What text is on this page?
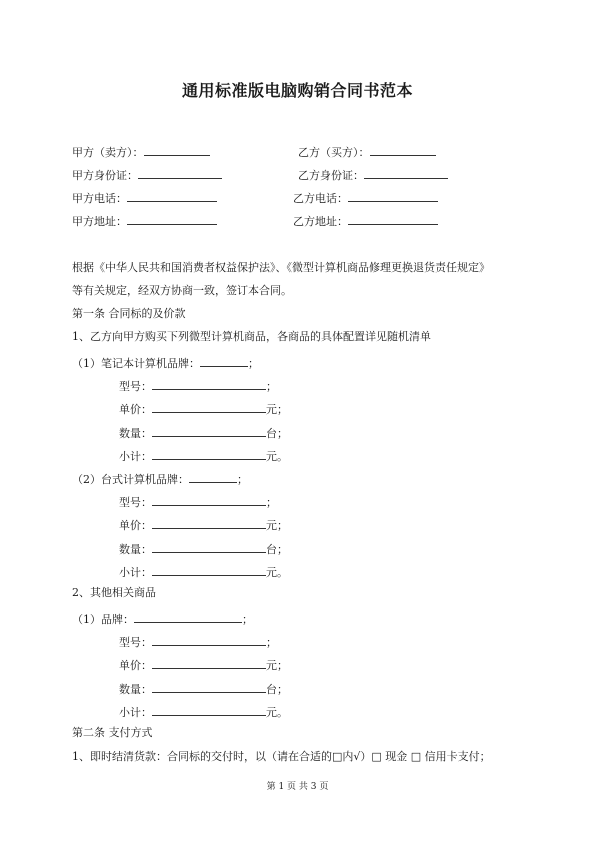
通用标准版电脑购销合同书范本
甲方（卖方）：	乙方（买方）：
甲方身份证：	乙方身份证：
甲方电话：	乙方电话：
甲方地址：	乙方地址：
根据《中华人民共和国消费者权益保护法》、《微型计算机商品修理更换退货责任规定》
等有关规定，经双方协商一致，签订本合同。
第一条 合同标的及价款
1、乙方向甲方购买下列微型计算机商品，各商品的具体配置详见随机清单
（1）笔记本计算机品牌：	；
型号：	；
单价：	元；
数量：	台；
小计：	元。
（2）台式计算机品牌：	；
型号：	；
单价：	元；
数量：	台；
小计：	元。
2、其他相关商品
（1）品牌：	；
型号：	；
单价：	元；
数量：	台；
小计：	元。
第二条 支付方式
1、即时结清货款：合同标的交付时，以（请在合适的□内√）□ 现金 □ 信用卡支付；
第 1 页 共 3 页
